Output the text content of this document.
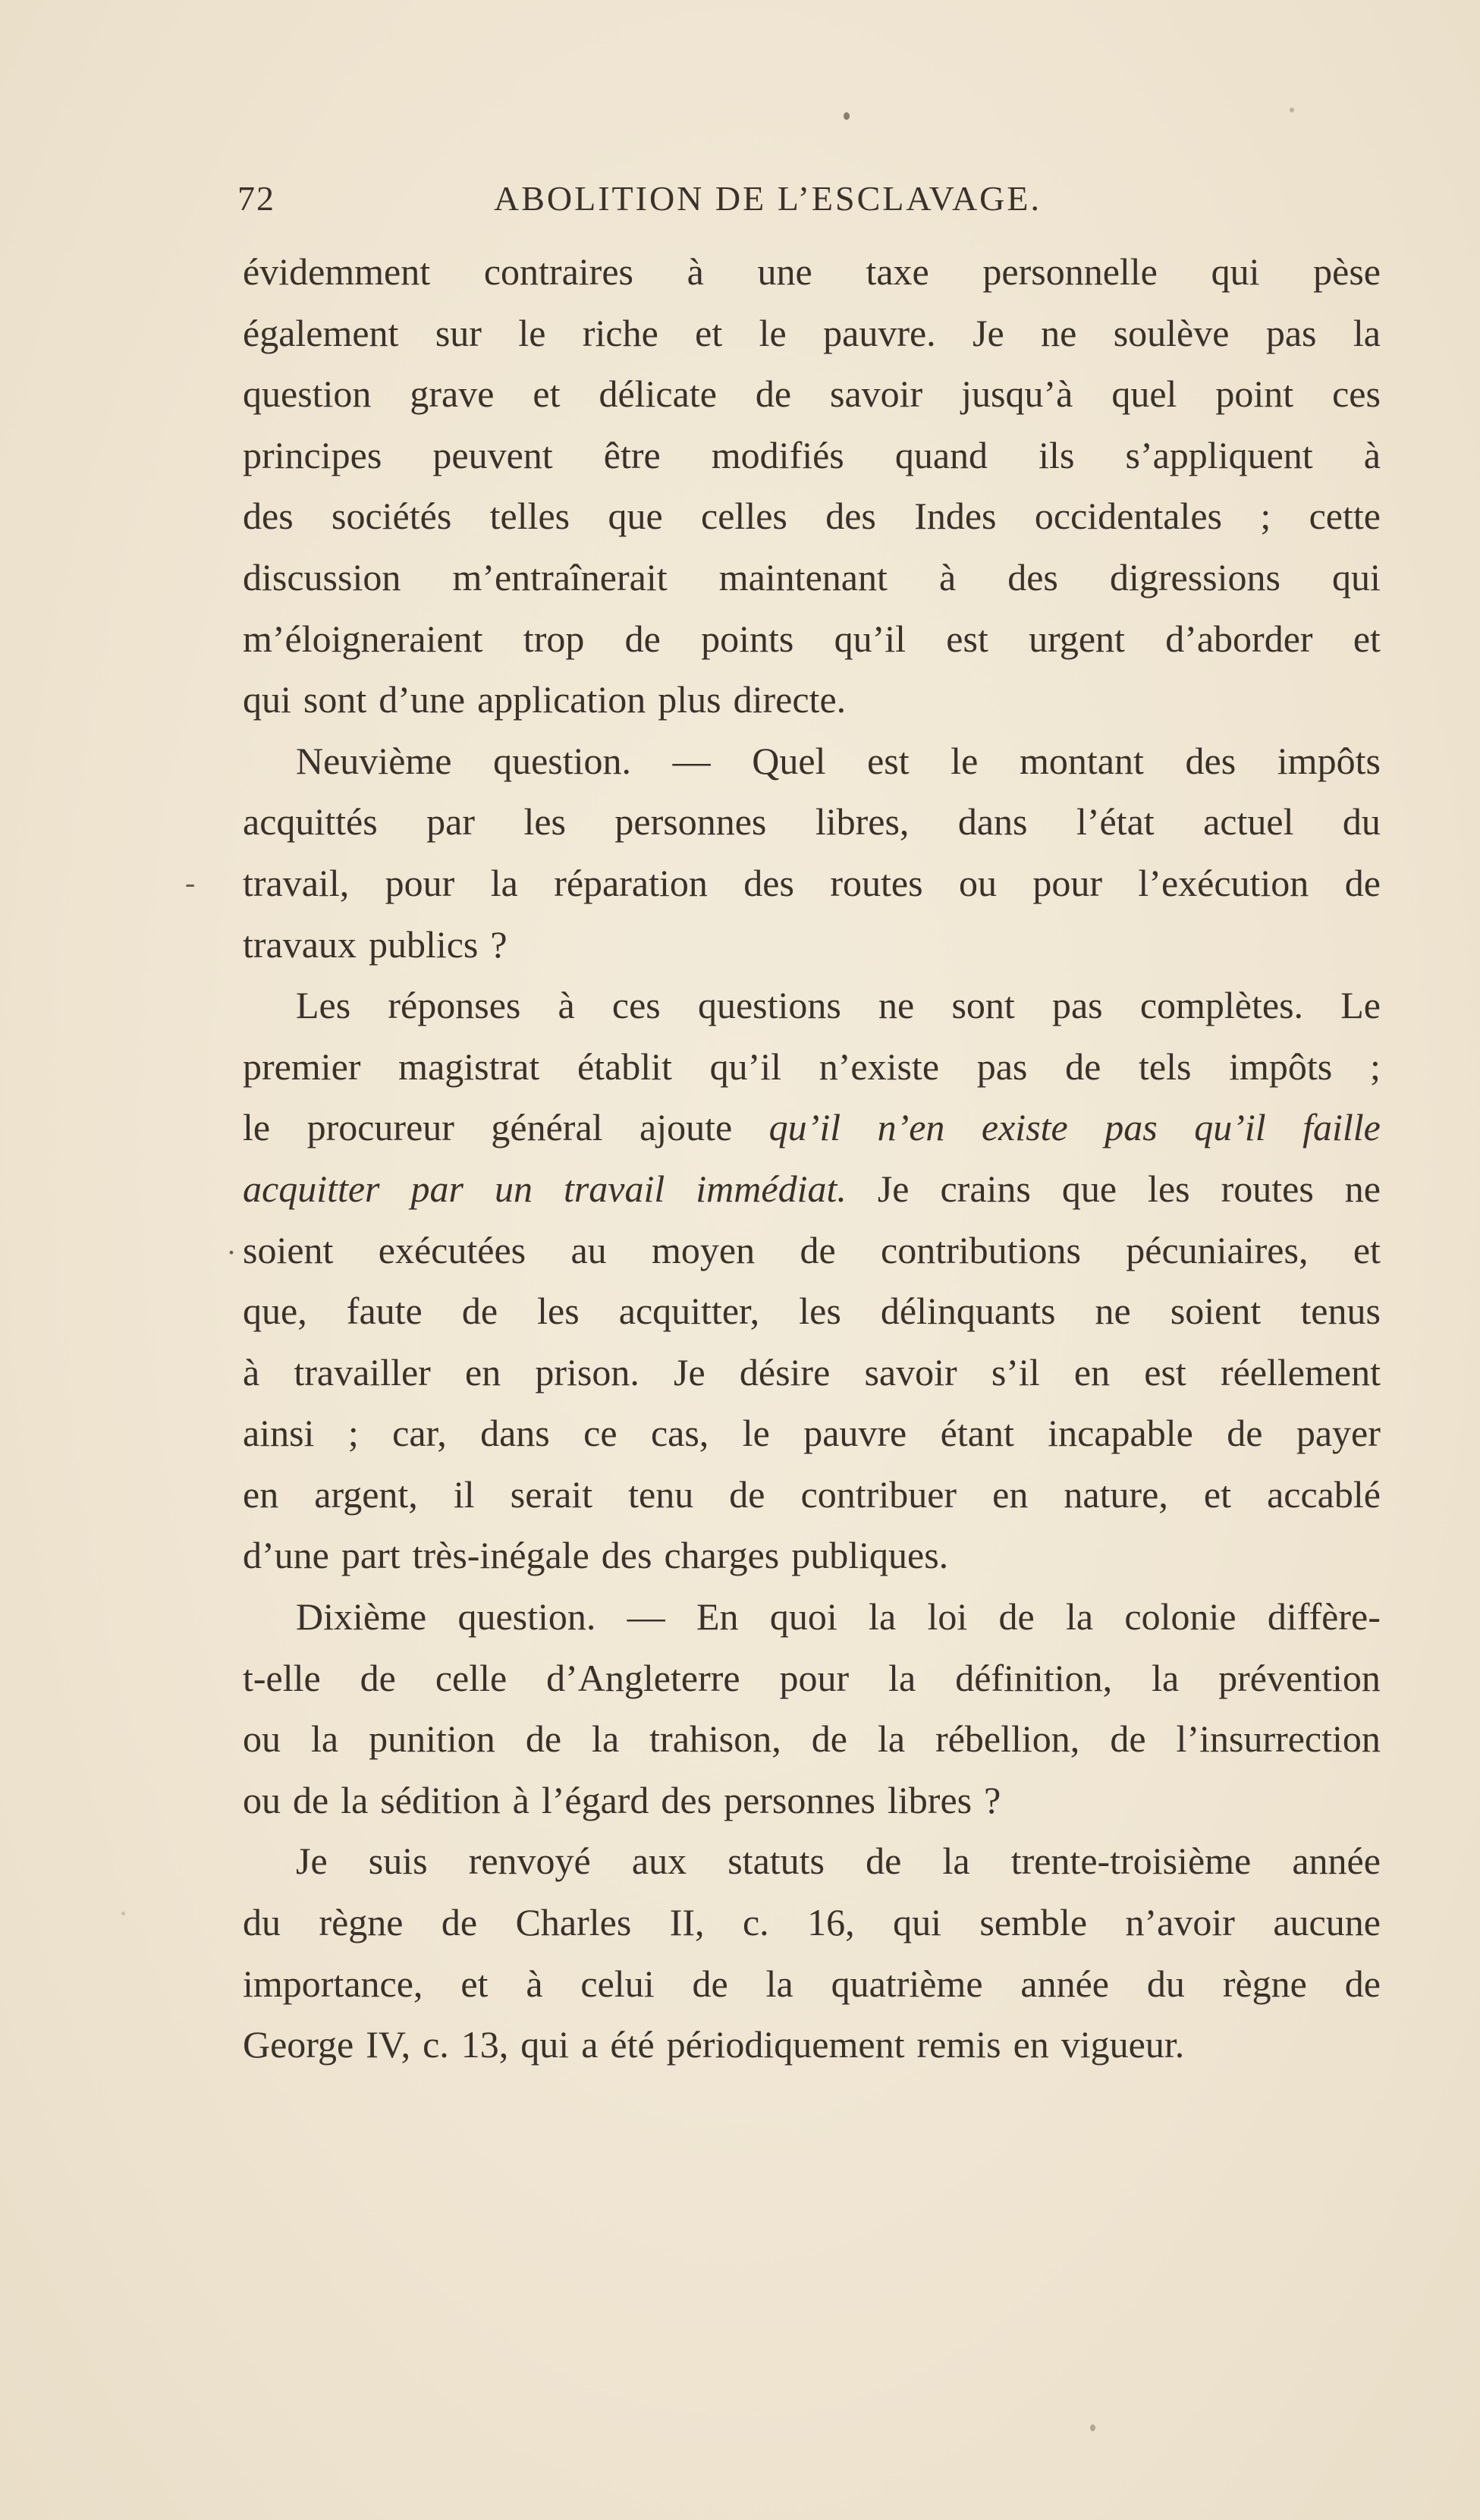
72	ABOLITION DE L’ESCLAVAGE.
-
.
évidemment contraires à une taxe personnelle qui pèse
également sur le riche et le pauvre. Je ne soulève pas la
question grave et délicate de savoir jusqu’à quel point ces
principes peuvent être modifiés quand ils s’appliquent à
des sociétés telles que celles des Indes occidentales ; cette
discussion m’entraînerait maintenant à des digressions qui
m’éloigneraient trop de points qu’il est urgent d’aborder et
qui sont d’une application plus directe.
Neuvième question. — Quel est le montant des impôts
acquittés par les personnes libres, dans l’état actuel du
travail, pour la réparation des routes ou pour l’exécution de
travaux publics ?
Les réponses à ces questions ne sont pas complètes. Le
premier magistrat établit qu’il n’existe pas de tels impôts ;
le procureur général ajoute qu’il n’en existe pas qu’il faille
acquitter par un travail immédiat. Je crains que les routes ne
soient exécutées au moyen de contributions pécuniaires, et
que, faute de les acquitter, les délinquants ne soient tenus
à travailler en prison. Je désire savoir s’il en est réellement
ainsi ; car, dans ce cas, le pauvre étant incapable de payer
en argent, il serait tenu de contribuer en nature, et accablé
d’une part très-inégale des charges publiques.
Dixième question. — En quoi la loi de la colonie diffère-
t-elle de celle d’Angleterre pour la définition, la prévention
ou la punition de la trahison, de la rébellion, de l’insurrection
ou de la sédition à l’égard des personnes libres ?
Je suis renvoyé aux statuts de la trente-troisième année
du règne de Charles II, c. 16, qui semble n’avoir aucune
importance, et à celui de la quatrième année du règne de
George IV, c. 13, qui a été périodiquement remis en vigueur.
